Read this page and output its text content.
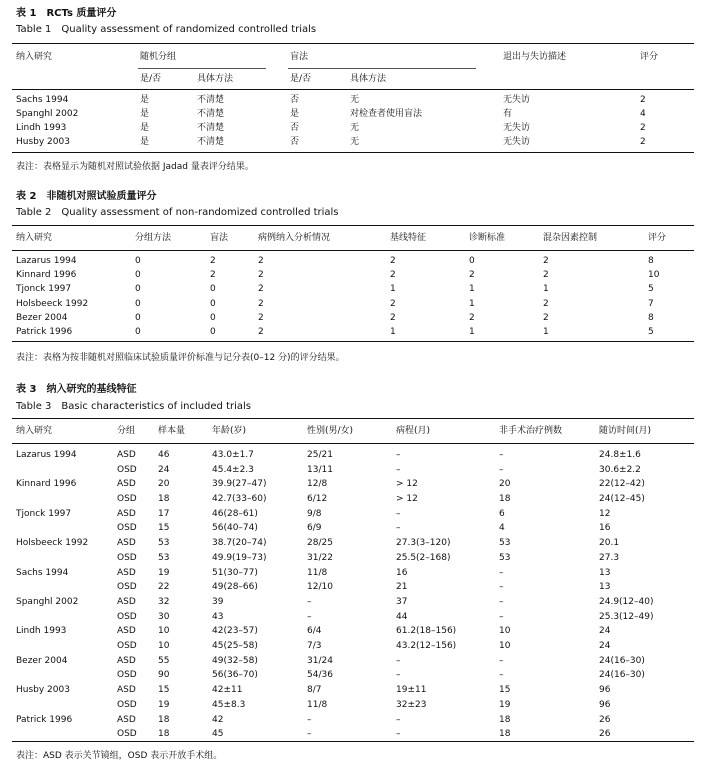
表 1　RCTs 质量评分
Table 1　Quality assessment of randomized controlled trials
纳入研究	随机分组	盲法	退出与失访描述	评分
是/否	具体方法	是/否	具体方法
Sachs 1994	是	不清楚	否	无	无失访	2
Spanghl 2002	是	不清楚	是	对检查者使用盲法	有	4
Lindh 1993	是	不清楚	否	无	无失访	2
Husby 2003	是	不清楚	否	无	无失访	2
表注：表格显示为随机对照试验依据 Jadad 量表评分结果。
表 2　非随机对照试验质量评分
Table 2　Quality assessment of non-randomized controlled trials
纳入研究	分组方法	盲法	病例纳入分析情况	基线特征	诊断标准	混杂因素控制	评分
Lazarus 1994	0	2	2	2	0	2	8
Kinnard 1996	0	2	2	2	2	2	10
Tjonck 1997	0	0	2	1	1	1	5
Holsbeeck 1992	0	0	2	2	1	2	7
Bezer 2004	0	0	2	2	2	2	8
Patrick 1996	0	0	2	1	1	1	5
表注：表格为按非随机对照临床试验质量评价标准与记分表(0–12 分)的评分结果。
表 3　纳入研究的基线特征
Table 3　Basic characteristics of included trials
纳入研究	分组	样本量	年龄(岁)	性别(男/女)	病程(月)	非手术治疗例数	随访时间(月)
Lazarus 1994	ASD 46	43.0±1.7	25/21	–	–	24.8±1.6
OSD 24	45.4±2.3	13/11	–	–	30.6±2.2
Kinnard 1996	ASD 20	39.9(27–47)	12/8	> 12	20	22(12–42)
OSD 18	42.7(33–60)	6/12	> 12	18	24(12–45)
Tjonck 1997	ASD 17	46(28–61)	9/8	–	6	12
OSD 15	56(40–74)	6/9	–	4	16
Holsbeeck 1992	ASD 53	38.7(20–74)	28/25	27.3(3–120)	53	20.1
OSD 53	49.9(19–73)	31/22	25.5(2–168)	53	27.3
Sachs 1994	ASD 19	51(30–77)	11/8	16	–	13
OSD 22	49(28–66)	12/10	21	–	13
Spanghl 2002	ASD 32	39	–	37	–	24.9(12–40)
OSD 30	43	–	44	–	25.3(12–49)
Lindh 1993	ASD 10	42(23–57)	6/4	61.2(18–156)	10	24
OSD 10	45(25–58)	7/3	43.2(12–156)	10	24
Bezer 2004	ASD 55	49(32–58)	31/24	–	–	24(16–30)
OSD 90	56(36–70)	54/36	–	–	24(16–30)
Husby 2003	ASD 15	42±11	8/7	19±11	15	96
OSD 19	45±8.3	11/8	32±23	19	96
Patrick 1996	ASD 18	42	–	–	18	26
OSD 18	45	–	–	18	26
表注：ASD 表示关节镜组，OSD 表示开放手术组。
